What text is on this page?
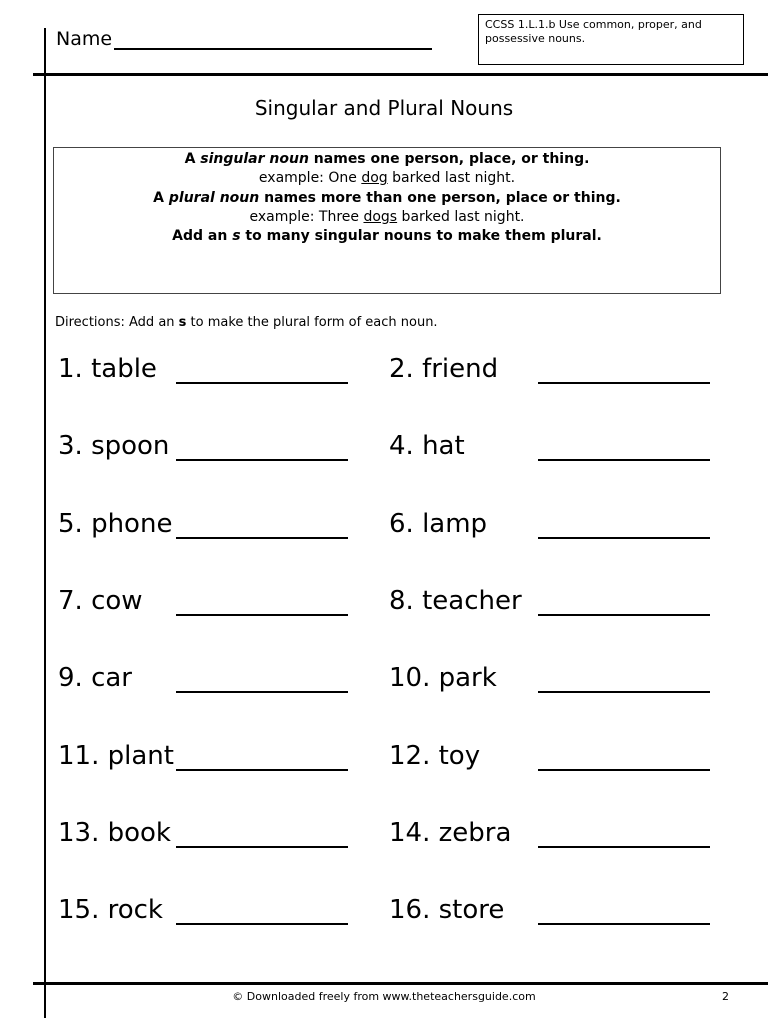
Name
CCSS 1.L.1.b Use common, proper, and possessive nouns.
Singular and Plural Nouns
A singular noun names one person, place, or thing.
example: One dog barked last night.
A plural noun names more than one person, place or thing.
example: Three dogs barked last night.
Add an s to many singular nouns to make them plural.
Directions: Add an s to make the plural form of each noun.
1. table	2. friend
3. spoon	4. hat
5. phone	6. lamp
7. cow	8. teacher
9. car	10. park
11. plant	12. toy
13. book	14. zebra
15. rock	16. store
© Downloaded freely from www.theteachersguide.com	2
